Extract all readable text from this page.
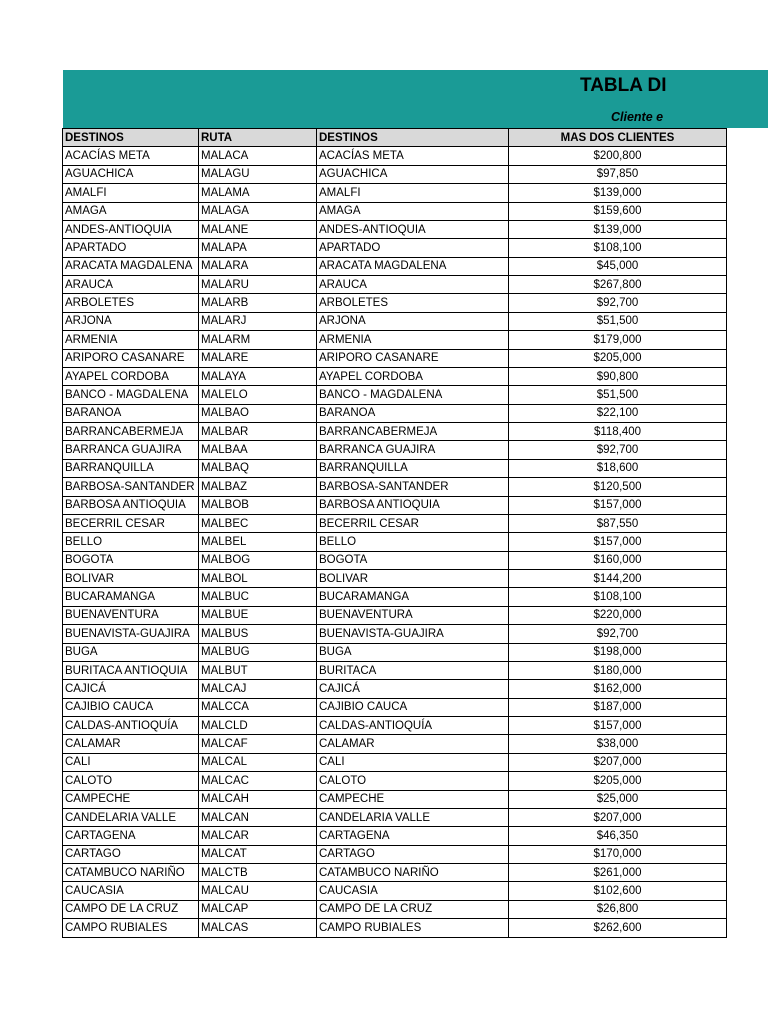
TABLA DI
Cliente e
DESTINOS	RUTA	DESTINOS	MAS DOS CLIENTES
ACACÍAS META	MALACA	ACACÍAS META	$200,800
AGUACHICA	MALAGU	AGUACHICA	$97,850
AMALFI	MALAMA	AMALFI	$139,000
AMAGA	MALAGA	AMAGA	$159,600
ANDES-ANTIOQUIA	MALANE	ANDES-ANTIOQUIA	$139,000
APARTADO	MALAPA	APARTADO	$108,100
ARACATA MAGDALENA	MALARA	ARACATA MAGDALENA	$45,000
ARAUCA	MALARU	ARAUCA	$267,800
ARBOLETES	MALARB	ARBOLETES	$92,700
ARJONA	MALARJ	ARJONA	$51,500
ARMENIA	MALARM	ARMENIA	$179,000
ARIPORO CASANARE	MALARE	ARIPORO CASANARE	$205,000
AYAPEL CORDOBA	MALAYA	AYAPEL CORDOBA	$90,800
BANCO - MAGDALENA	MALELO	BANCO - MAGDALENA	$51,500
BARANOA	MALBAO	BARANOA	$22,100
BARRANCABERMEJA	MALBAR	BARRANCABERMEJA	$118,400
BARRANCA GUAJIRA	MALBAA	BARRANCA GUAJIRA	$92,700
BARRANQUILLA	MALBAQ	BARRANQUILLA	$18,600
BARBOSA-SANTANDER	MALBAZ	BARBOSA-SANTANDER	$120,500
BARBOSA ANTIOQUIA	MALBOB	BARBOSA ANTIOQUIA	$157,000
BECERRIL CESAR	MALBEC	BECERRIL CESAR	$87,550
BELLO	MALBEL	BELLO	$157,000
BOGOTA	MALBOG	BOGOTA	$160,000
BOLIVAR	MALBOL	BOLIVAR	$144,200
BUCARAMANGA	MALBUC	BUCARAMANGA	$108,100
BUENAVENTURA	MALBUE	BUENAVENTURA	$220,000
BUENAVISTA-GUAJIRA	MALBUS	BUENAVISTA-GUAJIRA	$92,700
BUGA	MALBUG	BUGA	$198,000
BURITACA ANTIOQUIA	MALBUT	BURITACA	$180,000
CAJICÁ	MALCAJ	CAJICÁ	$162,000
CAJIBIO CAUCA	MALCCA	CAJIBIO CAUCA	$187,000
CALDAS-ANTIOQUÍA	MALCLD	CALDAS-ANTIOQUÍA	$157,000
CALAMAR	MALCAF	CALAMAR	$38,000
CALI	MALCAL	CALI	$207,000
CALOTO	MALCAC	CALOTO	$205,000
CAMPECHE	MALCAH	CAMPECHE	$25,000
CANDELARIA VALLE	MALCAN	CANDELARIA VALLE	$207,000
CARTAGENA	MALCAR	CARTAGENA	$46,350
CARTAGO	MALCAT	CARTAGO	$170,000
CATAMBUCO NARIÑO	MALCTB	CATAMBUCO NARIÑO	$261,000
CAUCASIA	MALCAU	CAUCASIA	$102,600
CAMPO DE LA CRUZ	MALCAP	CAMPO DE LA CRUZ	$26,800
CAMPO RUBIALES	MALCAS	CAMPO RUBIALES	$262,600
